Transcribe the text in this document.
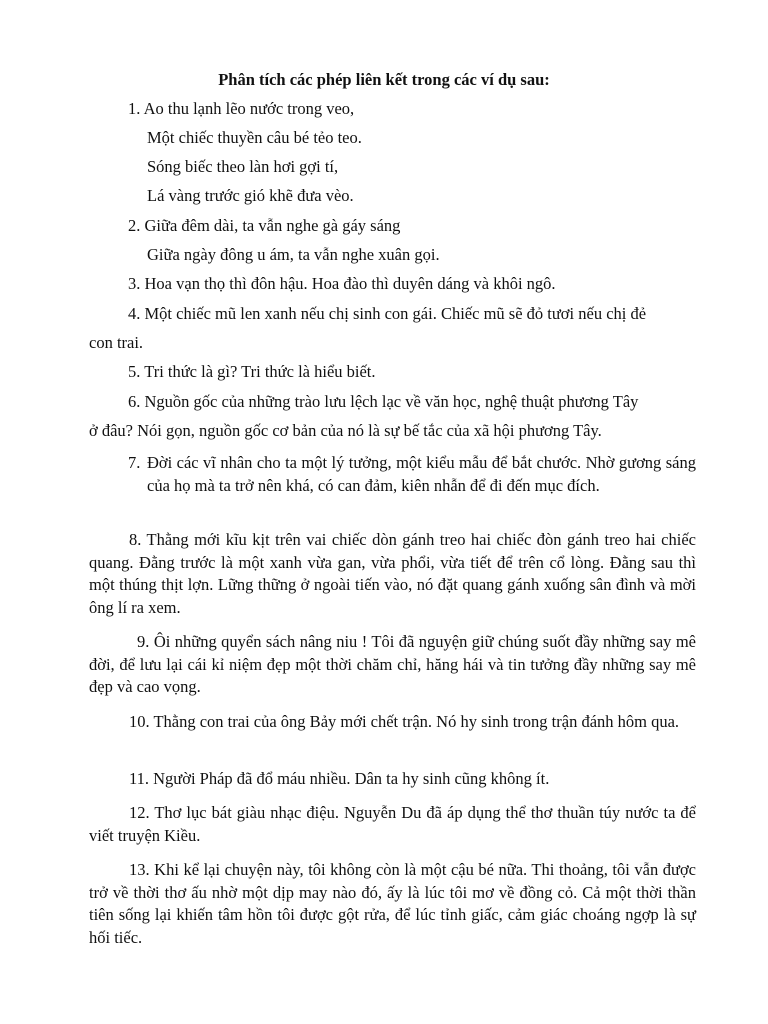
Phân tích các phép liên kết trong các ví dụ sau:
1. Ao thu lạnh lẽo nước trong veo,
Một chiếc thuyền câu bé tẻo teo.
Sóng biếc theo làn hơi gợi tí,
Lá vàng trước gió khẽ đưa vèo.
2. Giữa đêm dài, ta vẫn nghe gà gáy sáng
Giữa ngày đông u ám, ta vẫn nghe xuân gọi.
3. Hoa vạn thọ thì đôn hậu. Hoa đào thì duyên dáng và khôi ngô.
4. Một chiếc mũ len xanh nếu chị sinh con gái. Chiếc mũ sẽ đỏ tươi nếu chị đẻ
con trai.
5. Tri thức là gì? Tri thức là hiểu biết.
6. Nguồn gốc của những trào lưu lệch lạc về văn học, nghệ thuật phương Tây
ở đâu? Nói gọn, nguồn gốc cơ bản của nó là sự bế tắc của xã hội phương Tây.
7. Đời các vĩ nhân cho ta một lý tưởng, một kiểu mẫu để bắt chước. Nhờ gương sáng của họ mà ta trở nên khá, có can đảm, kiên nhẫn để đi đến mục đích.
8. Thằng mới kĩu kịt trên vai chiếc dòn gánh treo hai chiếc đòn gánh treo hai chiếc quang. Đằng trước là một xanh vừa gan, vừa phổi, vừa tiết để trên cổ lòng. Đằng sau thì một thúng thịt lợn. Lững thững ở ngoài tiến vào, nó đặt quang gánh xuống sân đình và mời ông lí ra xem.
9. Ôi những quyển sách nâng niu ! Tôi đã nguyện giữ chúng suốt đầy những say mê đời, để lưu lại cái kỉ niệm đẹp một thời chăm chỉ, hăng hái và tin tưởng đầy những say mê đẹp và cao vọng.
10. Thằng con trai của ông Bảy mới chết trận. Nó hy sinh trong trận đánh hôm qua.
11. Người Pháp đã đổ máu nhiều. Dân ta hy sinh cũng không ít.
12. Thơ lục bát giàu nhạc điệu. Nguyễn Du đã áp dụng thể thơ thuần túy nước ta để viết truyện Kiều.
13. Khi kể lại chuyện này, tôi không còn là một cậu bé nữa. Thi thoảng, tôi vẫn được trở về thời thơ ấu nhờ một dịp may nào đó, ấy là lúc tôi mơ về đồng cỏ. Cả một thời thần tiên sống lại khiến tâm hồn tôi được gột rửa, để lúc tỉnh giấc, cảm giác choáng ngợp là sự hối tiếc.
